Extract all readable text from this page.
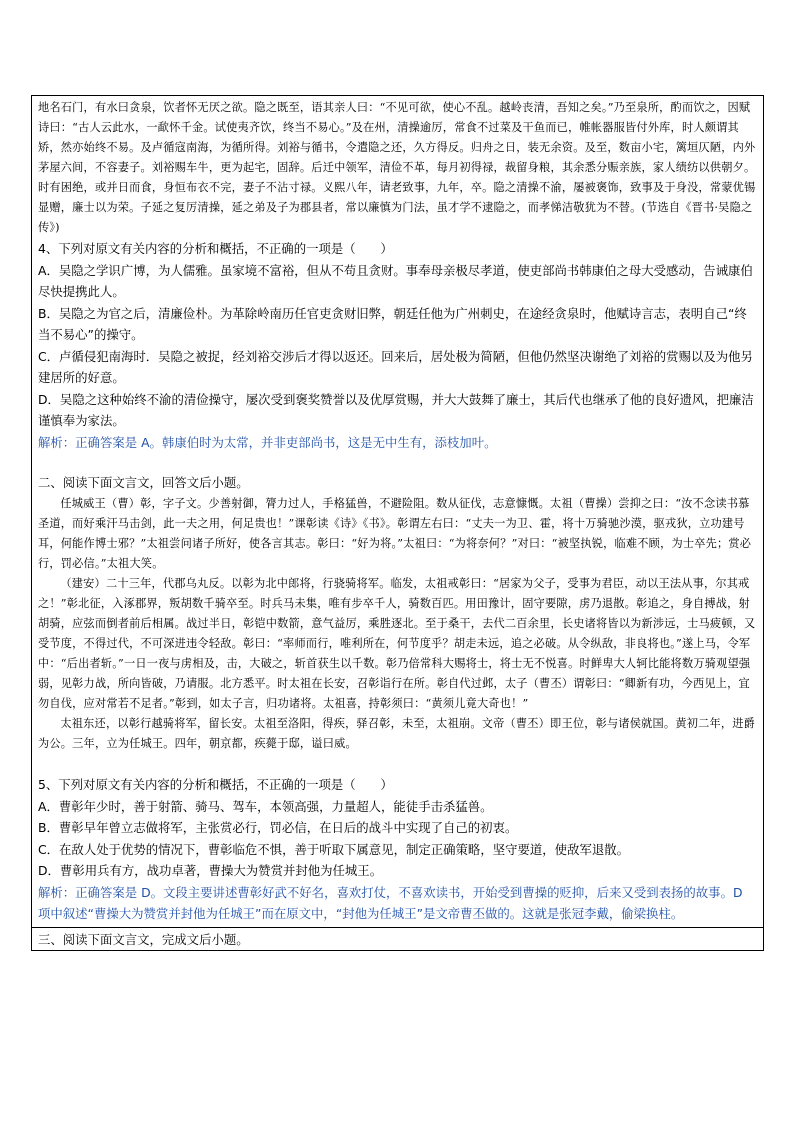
地名石门，有水曰贪泉，饮者怀无厌之欲。隐之既至，语其亲人曰：“不见可欲，使心不乱。越岭丧清，吾知之矣。”乃至泉所，酌而饮之，因赋诗曰：“古人云此水，一歃怀千金。试使夷齐饮，终当不易心。”及在州，清操逾厉，常食不过菜及干鱼而已，帷帐器服皆付外库，时人颇谓其矫，然亦始终不易。及卢循寇南海，为循所得。刘裕与循书，令遣隐之还，久方得反。归舟之日，装无余资。及至，数亩小宅，篱垣仄陋，内外茅屋六间，不容妻子。刘裕赐车牛，更为起宅，固辞。后迁中领军，清俭不革，每月初得禄，裁留身粮，其余悉分赈亲族，家人绩纺以供朝夕。时有困绝，或并日而食，身恒布衣不完，妻子不沾寸禄。义熙八年，请老致事，九年，卒。隐之清操不渝，屡被褒饰，致事及于身没，常蒙优锡显赠，廉士以为荣。子延之复厉清操，延之弟及子为郡县者，常以廉慎为门法，虽才学不逮隐之，而孝悌洁敬犹为不替。(节选自《晋书·吴隐之传》)

4、下列对原文有关内容的分析和概括，不正确的一项是（　　）

A．吴隐之学识广博，为人儒雅。虽家境不富裕，但从不苟且贪财。事奉母亲极尽孝道，使吏部尚书韩康伯之母大受感动，告诫康伯尽快提携此人。

B．吴隐之为官之后，清廉俭朴。为革除岭南历任官吏贪财旧弊，朝廷任他为广州刺史，在途经贪泉时，他赋诗言志，表明自己“终当不易心”的操守。

C．卢循侵犯南海时．吴隐之被捉，经刘裕交涉后才得以返还。回来后，居处极为简陋，但他仍然坚决谢绝了刘裕的赏赐以及为他另建居所的好意。

D．吴隐之这种始终不渝的清俭操守，屡次受到褒奖赞誉以及优厚赏赐，并大大鼓舞了廉士，其后代也继承了他的良好遗风，把廉洁谨慎奉为家法。

解析：正确答案是 A。韩康伯时为太常，并非吏部尚书，这是无中生有，添枝加叶。

二、阅读下面文言文，回答文后小题。

任城威王（曹）彰，字子文。少善射御，膂力过人，手格猛兽，不避险阻。数从征伐，志意慷慨。太祖（曹操）尝抑之曰：“汝不念读书慕圣道，而好乘汗马击剑，此一夫之用，何足贵也！”课彰读《诗》《书》。彰谓左右曰：“丈夫一为卫、霍，将十万骑驰沙漠，驱戎狄，立功建号耳，何能作博士邪？”太祖尝问诸子所好，使各言其志。彰曰：“好为将。”太祖曰：“为将奈何？”对曰：“被坚执锐，临难不顾，为士卒先；赏必行，罚必信。”太祖大笑。

（建安）二十三年，代郡乌丸反。以彰为北中郎将，行骁骑将军。临发，太祖戒彰曰：“居家为父子，受事为君臣，动以王法从事，尔其戒之！”彰北征，入涿郡界，叛胡数千骑卒至。时兵马未集，唯有步卒千人，骑数百匹。用田豫计，固守要隙，虏乃退散。彰追之，身自搏战，射胡骑，应弦而倒者前后相属。战过半日，彰铠中数箭，意气益厉，乘胜逐北。至于桑干，去代二百余里，长史诸将皆以为新涉远，士马疲顿，又受节度，不得过代，不可深进违令轻敌。彰曰：“率师而行，唯利所在，何节度乎？胡走未远，追之必破。从令纵敌，非良将也。”遂上马，令军中：“后出者斩。”一日一夜与虏相及，击，大破之，斩首获生以千数。彰乃倍常科大赐将士，将士无不悦喜。时鲜卑大人轲比能将数万骑观望强弱，见彰力战，所向皆破，乃请服。北方悉平。时太祖在长安，召彰诣行在所。彰自代过邺，太子（曹丕）谓彰曰：“卿新有功，今西见上，宜勿自伐，应对常若不足者。”彰到，如太子言，归功诸将。太祖喜，持彰须曰：“黄须儿竟大奇也！”

太祖东还，以彰行越骑将军，留长安。太祖至洛阳，得疾，驿召彰，未至，太祖崩。文帝（曹丕）即王位，彰与诸侯就国。黄初二年，进爵为公。三年，立为任城王。四年，朝京都，疾薨于邸，谥曰威。

5、下列对原文有关内容的分析和概括，不正确的一项是（　　）

A．曹彰年少时，善于射箭、骑马、驾车，本领高强，力量超人，能徒手击杀猛兽。

B．曹彰早年曾立志做将军，主张赏必行，罚必信，在日后的战斗中实现了自己的初衷。

C．在敌人处于优势的情况下，曹彰临危不惧，善于听取下属意见，制定正确策略，坚守要道，使敌军退散。

D．曹彰用兵有方，战功卓著，曹操大为赞赏并封他为任城王。

解析：正确答案是 D。文段主要讲述曹彰好武不好名，喜欢打仗，不喜欢读书，开始受到曹操的贬抑，后来又受到表扬的故事。D 项中叙述“曹操大为赞赏并封他为任城王”而在原文中，“封他为任城王”是文帝曹丕做的。这就是张冠李戴，偷梁换柱。

三、阅读下面文言文，完成文后小题。
